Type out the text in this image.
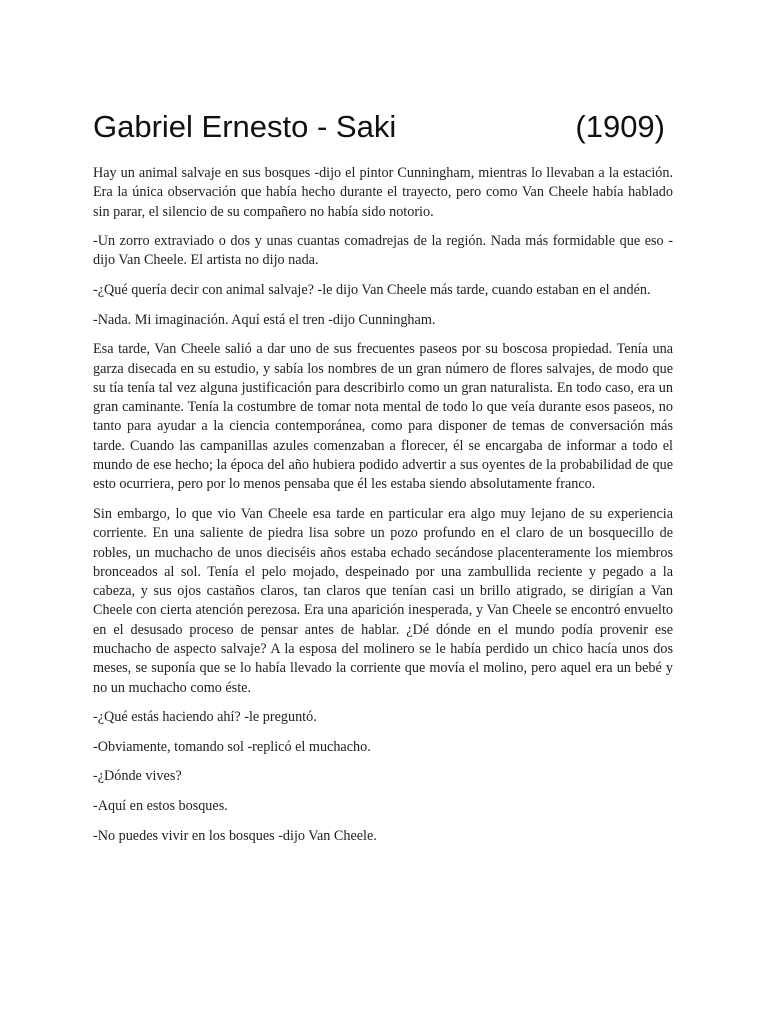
Gabriel Ernesto - Saki	(1909)

Hay un animal salvaje en sus bosques -dijo el pintor Cunningham, mientras lo llevaban a la estación. Era la única observación que había hecho durante el trayecto, pero como Van Cheele había hablado sin parar, el silencio de su compañero no había sido notorio.

-Un zorro extraviado o dos y unas cuantas comadrejas de la región. Nada más formidable que eso -dijo Van Cheele. El artista no dijo nada.

-¿Qué quería decir con animal salvaje? -le dijo Van Cheele más tarde, cuando estaban en el andén.

-Nada. Mi imaginación. Aquí está el tren -dijo Cunningham.

Esa tarde, Van Cheele salió a dar uno de sus frecuentes paseos por su boscosa propiedad. Tenía una garza disecada en su estudio, y sabía los nombres de un gran número de flores salvajes, de modo que su tía tenía tal vez alguna justificación para describirlo como un gran naturalista. En todo caso, era un gran caminante. Tenía la costumbre de tomar nota mental de todo lo que veía durante esos paseos, no tanto para ayudar a la ciencia contemporánea, como para disponer de temas de conversación más tarde. Cuando las campanillas azules comenzaban a florecer, él se encargaba de informar a todo el mundo de ese hecho; la época del año hubiera podido advertir a sus oyentes de la probabilidad de que esto ocurriera, pero por lo menos pensaba que él les estaba siendo absolutamente franco.

Sin embargo, lo que vio Van Cheele esa tarde en particular era algo muy lejano de su experiencia corriente. En una saliente de piedra lisa sobre un pozo profundo en el claro de un bosquecillo de robles, un muchacho de unos dieciséis años estaba echado secándose placenteramente los miembros bronceados al sol. Tenía el pelo mojado, despeinado por una zambullida reciente y pegado a la cabeza, y sus ojos castaños claros, tan claros que tenían casi un brillo atigrado, se dirigían a Van Cheele con cierta atención perezosa. Era una aparición inesperada, y Van Cheele se encontró envuelto en el desusado proceso de pensar antes de hablar. ¿Dé dónde en el mundo podía provenir ese muchacho de aspecto salvaje? A la esposa del molinero se le había perdido un chico hacía unos dos meses, se suponía que se lo había llevado la corriente que movía el molino, pero aquel era un bebé y no un muchacho como éste.

-¿Qué estás haciendo ahí? -le preguntó.

-Obviamente, tomando sol -replicó el muchacho.

-¿Dónde vives?

-Aquí en estos bosques.

-No puedes vivir en los bosques -dijo Van Cheele.
